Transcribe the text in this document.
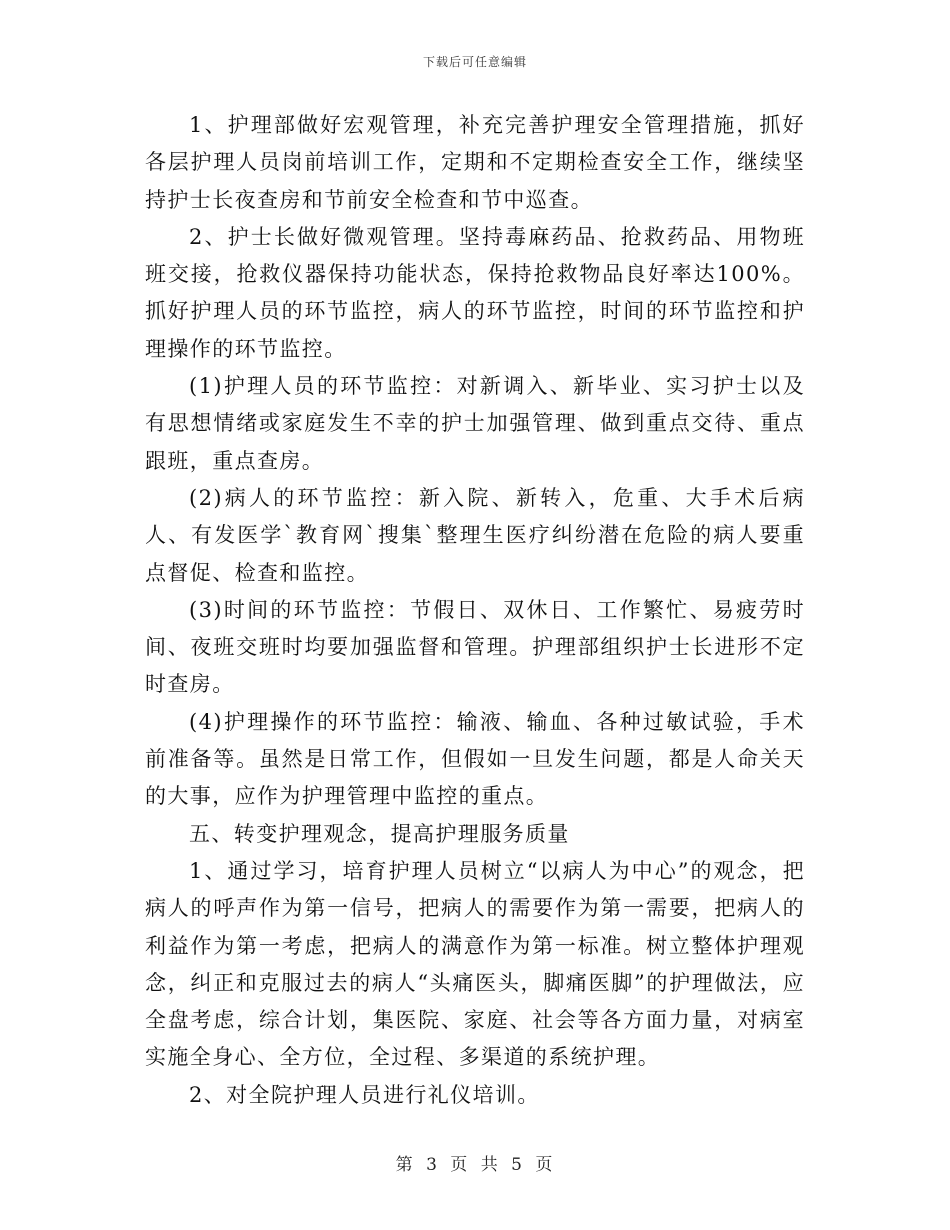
下载后可任意编辑

1、护理部做好宏观管理，补充完善护理安全管理措施，抓好各层护理人员岗前培训工作，定期和不定期检查安全工作，继续坚持护士长夜查房和节前安全检查和节中巡查。

2、护士长做好微观管理。坚持毒麻药品、抢救药品、用物班班交接，抢救仪器保持功能状态，保持抢救物品良好率达100%。抓好护理人员的环节监控，病人的环节监控，时间的环节监控和护理操作的环节监控。

(1)护理人员的环节监控：对新调入、新毕业、实习护士以及有思想情绪或家庭发生不幸的护士加强管理、做到重点交待、重点跟班，重点查房。

(2)病人的环节监控：新入院、新转入，危重、大手术后病人、有发医学`教育网`搜集`整理生医疗纠纷潜在危险的病人要重点督促、检查和监控。

(3)时间的环节监控：节假日、双休日、工作繁忙、易疲劳时间、夜班交班时均要加强监督和管理。护理部组织护士长进形不定时查房。

(4)护理操作的环节监控：输液、输血、各种过敏试验，手术前准备等。虽然是日常工作，但假如一旦发生问题，都是人命关天的大事，应作为护理管理中监控的重点。

五、转变护理观念，提高护理服务质量

1、通过学习，培育护理人员树立“以病人为中心”的观念，把病人的呼声作为第一信号，把病人的需要作为第一需要，把病人的利益作为第一考虑，把病人的满意作为第一标准。树立整体护理观念，纠正和克服过去的病人“头痛医头，脚痛医脚”的护理做法，应全盘考虑，综合计划，集医院、家庭、社会等各方面力量，对病室实施全身心、全方位，全过程、多渠道的系统护理。

2、对全院护理人员进行礼仪培训。

第 3 页 共 5 页
